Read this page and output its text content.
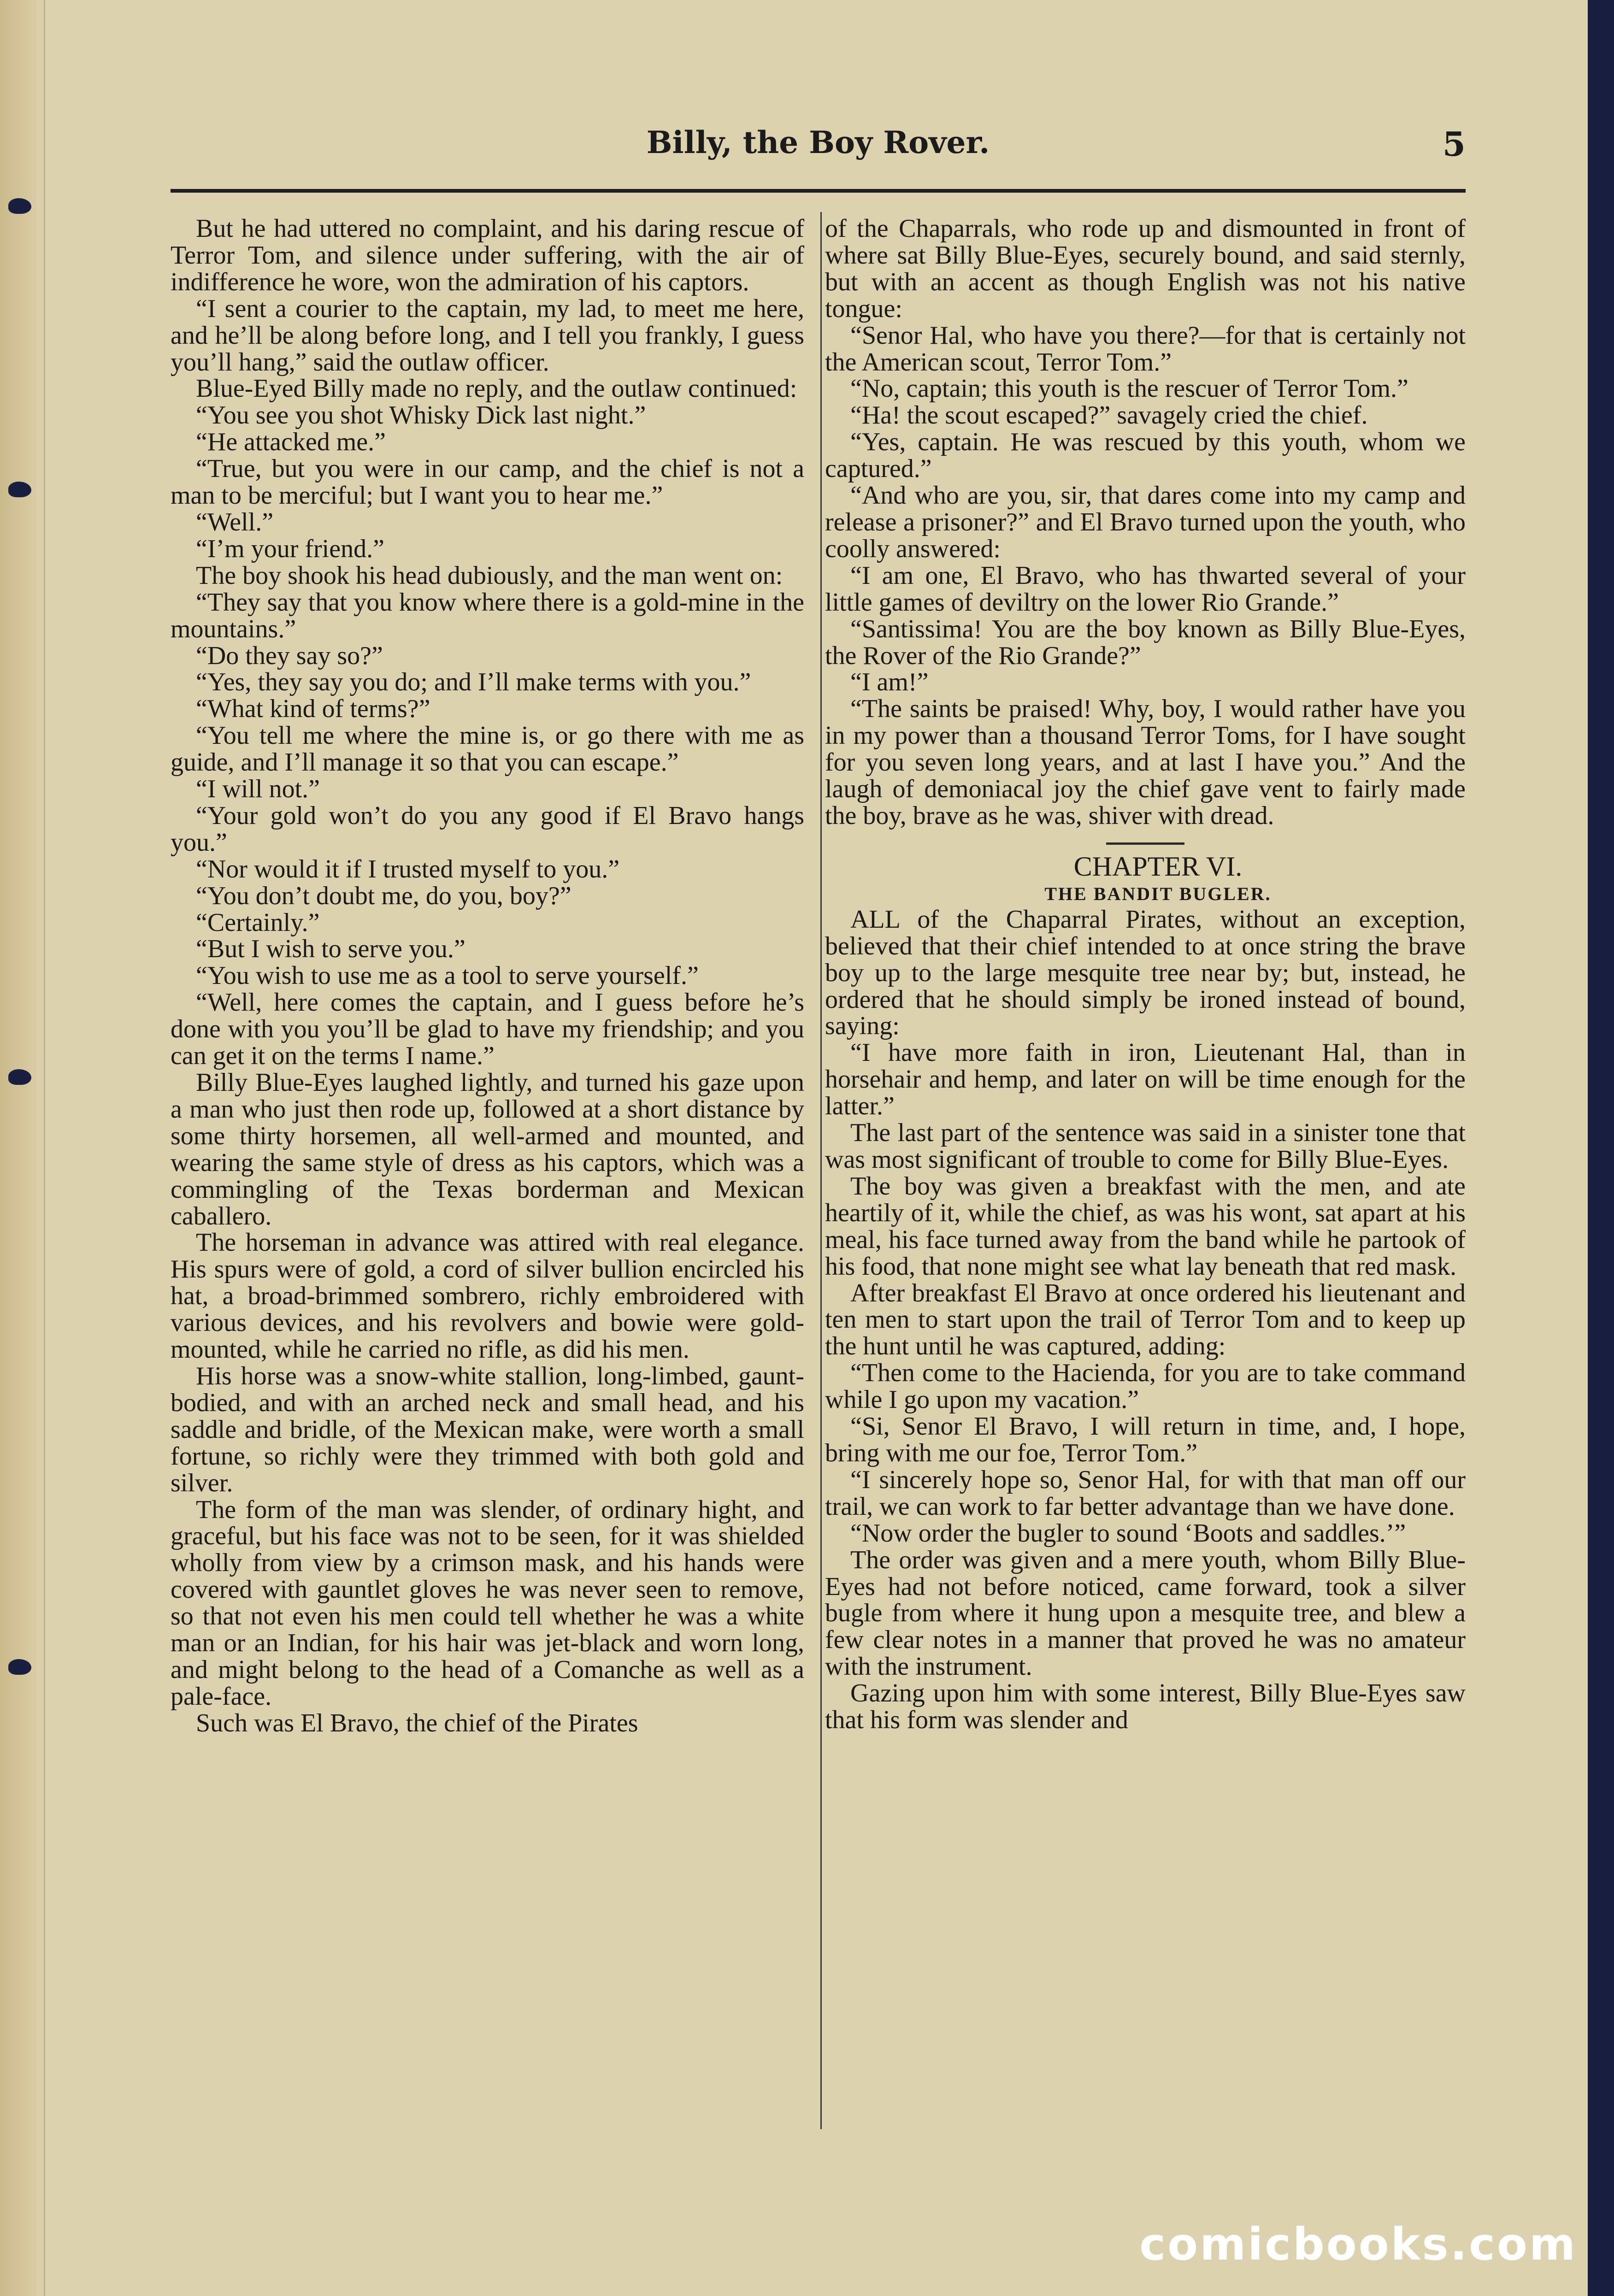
Billy, the Boy Rover.	5

But he had uttered no complaint, and his daring rescue of Terror Tom, and silence under suffering, with the air of indifference he wore, won the admiration of his captors.

“I sent a courier to the captain, my lad, to meet me here, and he’ll be along before long, and I tell you frankly, I guess you’ll hang,” said the outlaw officer.

Blue-Eyed Billy made no reply, and the outlaw continued:

“You see you shot Whisky Dick last night.”

“He attacked me.”

“True, but you were in our camp, and the chief is not a man to be merciful; but I want you to hear me.”

“Well.”

“I’m your friend.”

The boy shook his head dubiously, and the man went on:

“They say that you know where there is a gold-mine in the mountains.”

“Do they say so?”

“Yes, they say you do; and I’ll make terms with you.”

“What kind of terms?”

“You tell me where the mine is, or go there with me as guide, and I’ll manage it so that you can escape.”

“I will not.”

“Your gold won’t do you any good if El Bravo hangs you.”

“Nor would it if I trusted myself to you.”

“You don’t doubt me, do you, boy?”

“Certainly.”

“But I wish to serve you.”

“You wish to use me as a tool to serve yourself.”

“Well, here comes the captain, and I guess before he’s done with you you’ll be glad to have my friendship; and you can get it on the terms I name.”

Billy Blue-Eyes laughed lightly, and turned his gaze upon a man who just then rode up, followed at a short distance by some thirty horsemen, all well-armed and mounted, and wearing the same style of dress as his captors, which was a commingling of the Texas borderman and Mexican caballero.

The horseman in advance was attired with real elegance. His spurs were of gold, a cord of silver bullion encircled his hat, a broad-brimmed sombrero, richly embroidered with various devices, and his revolvers and bowie were gold-mounted, while he carried no rifle, as did his men.

His horse was a snow-white stallion, long-limbed, gaunt-bodied, and with an arched neck and small head, and his saddle and bridle, of the Mexican make, were worth a small fortune, so richly were they trimmed with both gold and silver.

The form of the man was slender, of ordinary hight, and graceful, but his face was not to be seen, for it was shielded wholly from view by a crimson mask, and his hands were covered with gauntlet gloves he was never seen to remove, so that not even his men could tell whether he was a white man or an Indian, for his hair was jet-black and worn long, and might belong to the head of a Comanche as well as a pale-face.

Such was El Bravo, the chief of the Pirates

of the Chaparrals, who rode up and dismounted in front of where sat Billy Blue-Eyes, securely bound, and said sternly, but with an accent as though English was not his native tongue:

“Senor Hal, who have you there?—for that is certainly not the American scout, Terror Tom.”

“No, captain; this youth is the rescuer of Terror Tom.”

“Ha! the scout escaped?” savagely cried the chief.

“Yes, captain. He was rescued by this youth, whom we captured.”

“And who are you, sir, that dares come into my camp and release a prisoner?” and El Bravo turned upon the youth, who coolly answered:

“I am one, El Bravo, who has thwarted several of your little games of deviltry on the lower Rio Grande.”

“Santissima! You are the boy known as Billy Blue-Eyes, the Rover of the Rio Grande?”

“I am!”

“The saints be praised! Why, boy, I would rather have you in my power than a thousand Terror Toms, for I have sought for you seven long years, and at last I have you.” And the laugh of demoniacal joy the chief gave vent to fairly made the boy, brave as he was, shiver with dread.

CHAPTER VI.

THE BANDIT BUGLER.

ALL of the Chaparral Pirates, without an exception, believed that their chief intended to at once string the brave boy up to the large mesquite tree near by; but, instead, he ordered that he should simply be ironed instead of bound, saying:

“I have more faith in iron, Lieutenant Hal, than in horsehair and hemp, and later on will be time enough for the latter.”

The last part of the sentence was said in a sinister tone that was most significant of trouble to come for Billy Blue-Eyes.

The boy was given a breakfast with the men, and ate heartily of it, while the chief, as was his wont, sat apart at his meal, his face turned away from the band while he partook of his food, that none might see what lay beneath that red mask.

After breakfast El Bravo at once ordered his lieutenant and ten men to start upon the trail of Terror Tom and to keep up the hunt until he was captured, adding:

“Then come to the Hacienda, for you are to take command while I go upon my vacation.”

“Si, Senor El Bravo, I will return in time, and, I hope, bring with me our foe, Terror Tom.”

“I sincerely hope so, Senor Hal, for with that man off our trail, we can work to far better advantage than we have done.

“Now order the bugler to sound ‘Boots and saddles.’”

The order was given and a mere youth, whom Billy Blue-Eyes had not before noticed, came forward, took a silver bugle from where it hung upon a mesquite tree, and blew a few clear notes in a manner that proved he was no amateur with the instrument.

Gazing upon him with some interest, Billy Blue-Eyes saw that his form was slender and

comicbooks.com
